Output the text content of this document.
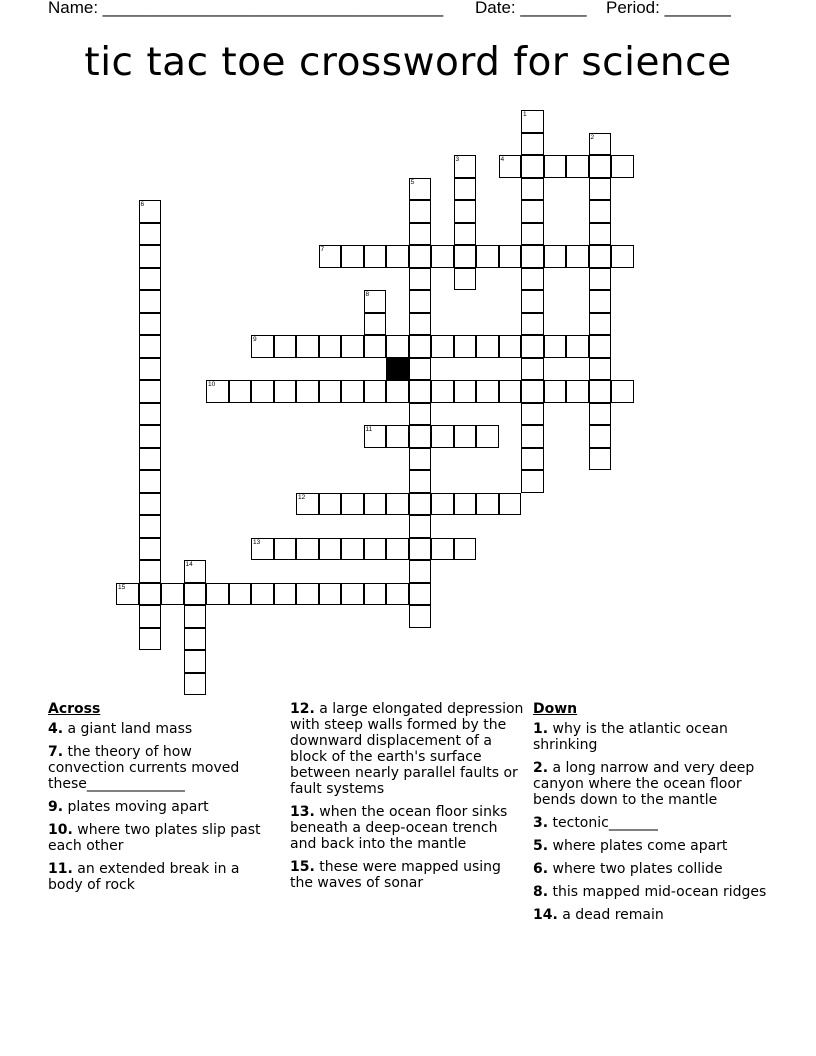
Name: ____________________________________ Date: _______ Period: _______
tic tac toe crossword for science
1
2
3	4
5
6
7
8
9
10
11
12
13
14
15
Across
4. a giant land mass
7. the theory of how convection currents moved these______________
9. plates moving apart
10. where two plates slip past each other
11. an extended break in a body of rock
12. a large elongated depression with steep walls formed by the downward displacement of a block of the earth's surface between nearly parallel faults or fault systems
13. when the ocean floor sinks beneath a deep-ocean trench and back into the mantle
15. these were mapped using the waves of sonar
Down
1. why is the atlantic ocean shrinking
2. a long narrow and very deep canyon where the ocean floor bends down to the mantle
3. tectonic_______
5. where plates come apart
6. where two plates collide
8. this mapped mid-ocean ridges
14. a dead remain
